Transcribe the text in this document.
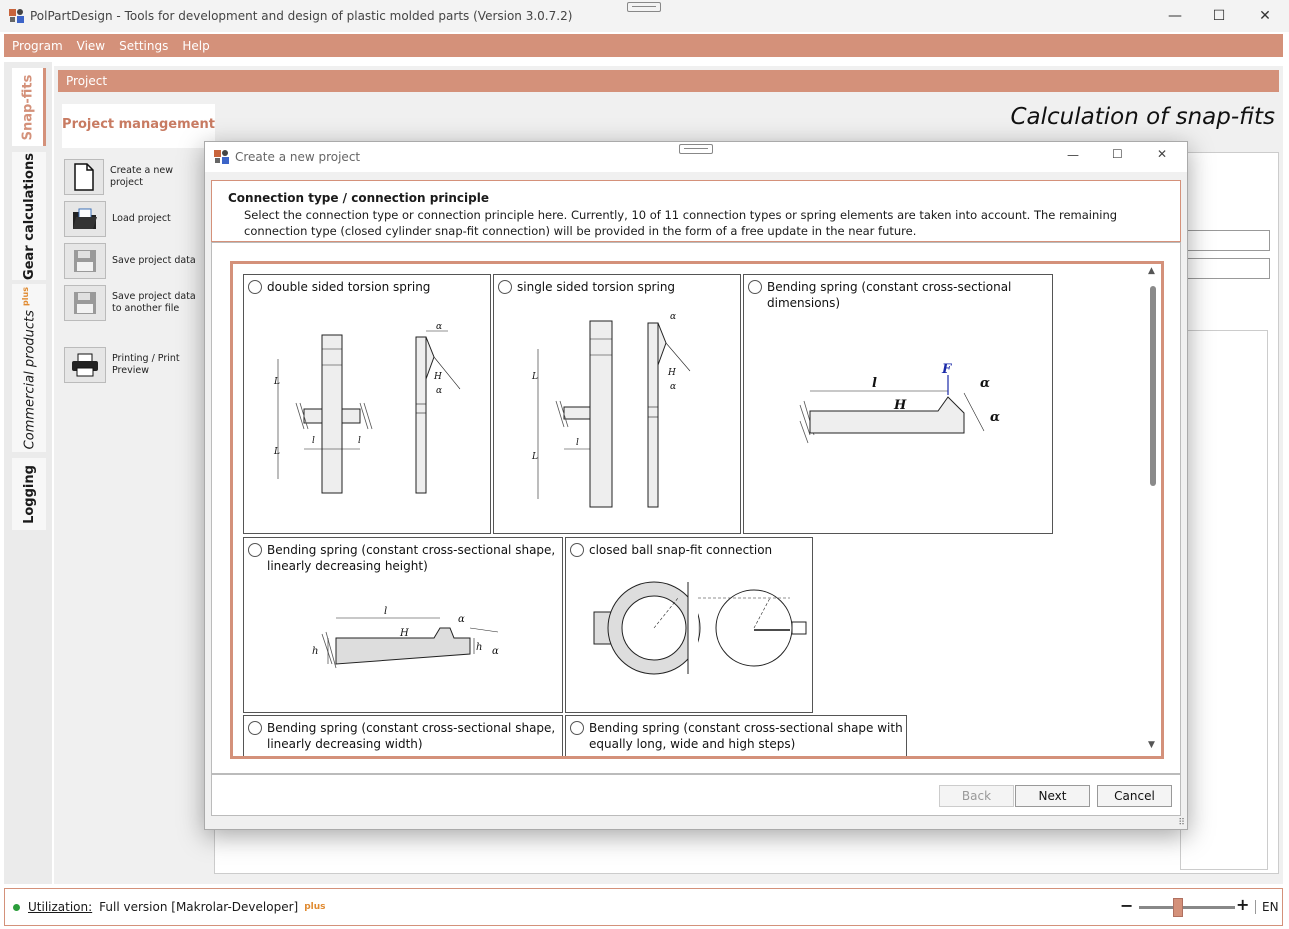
PolPartDesign - Tools for development and design of plastic molded parts (Version 3.0.7.2)	—	☐	✕
Program View Settings Help
Snap-fits
Gear calculations
Commercial products $^{plus}$
Logging
Project
Project management	Calculation of snap-fits
Create a new project
Load project
Save project data
Save project data to another file
Printing / Print Preview
Utilization: Full version [Makrolar-Developer] plus	−	+	EN
Create a new project	—	☐	✕
Connection type / connection principle
Select the connection type or connection principle here. Currently, 10 of 11 connection types or spring elements are taken into account. The remaining connection type (closed cylinder snap-fit connection) will be provided in the form of a free update in the near future.
double sided torsion spring
L
L
l	l
α
H
α
single sided torsion spring
L
L
l
α
H
α
Bending spring (constant cross-sectional dimensions)
l
H
F
α
α
Bending spring (constant cross-sectional shape, linearly decreasing height)
l
H
h	h
α
α
closed ball snap-fit connection
Bending spring (constant cross-sectional shape, linearly decreasing width)
Bending spring (constant cross-sectional shape with equally long, wide and high steps)
▲
▼
Back	Next	Cancel
⠿
